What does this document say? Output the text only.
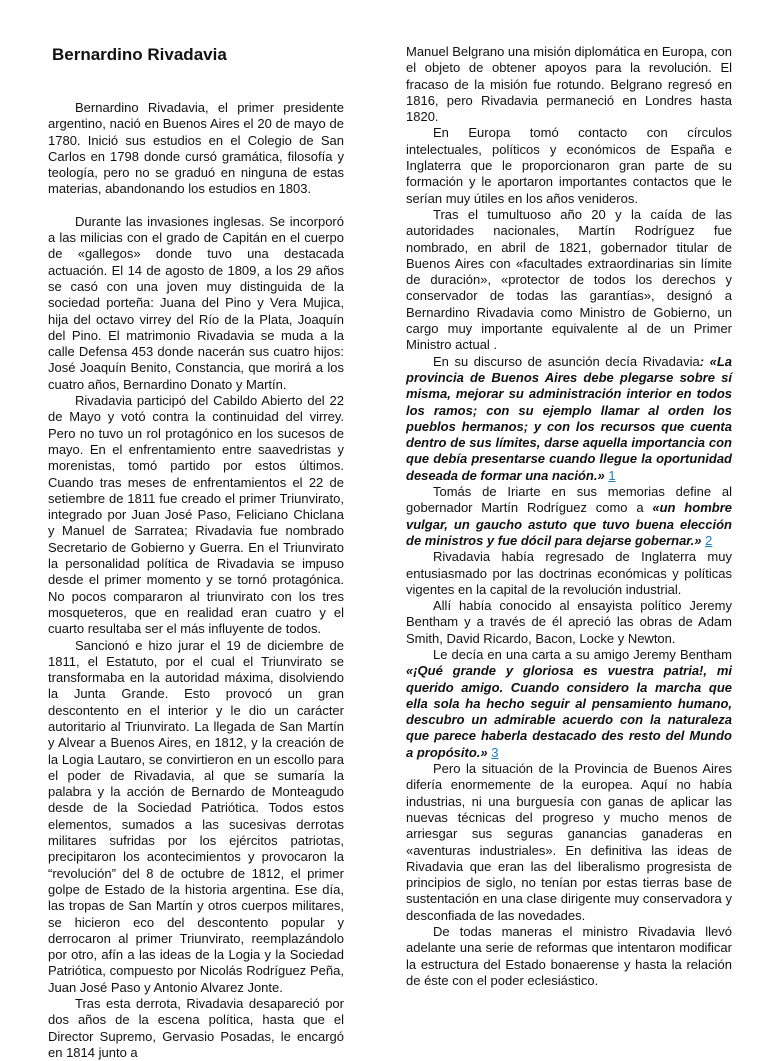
Bernardino Rivadavia

Bernardino Rivadavia, el primer presidente argentino, nació en Buenos Aires el 20 de mayo de 1780. Inició sus estudios en el Colegio de San Carlos en 1798 donde cursó gramática, filosofía y teología, pero no se graduó en ninguna de estas materias, abandonando los estudios en 1803.

Durante las invasiones inglesas. Se incorporó a las milicias con el grado de Capitán en el cuerpo de «gallegos» donde tuvo una destacada actuación. El 14 de agosto de 1809, a los 29 años se casó con una joven muy distinguida de la sociedad porteña: Juana del Pino y Vera Mujica, hija del octavo virrey del Río de la Plata, Joaquín del Pino. El matrimonio Rivadavia se muda a la calle Defensa 453 donde nacerán sus cuatro hijos: José Joaquín Benito, Constancia, que morirá a los cuatro años, Bernardino Donato y Martín.

Rivadavia participó del Cabildo Abierto del 22 de Mayo y votó contra la continuidad del virrey. Pero no tuvo un rol protagónico en los sucesos de mayo. En el enfrentamiento entre saavedristas y morenistas, tomó partido por estos últimos. Cuando tras meses de enfrentamientos el 22 de setiembre de 1811 fue creado el primer Triunvirato, integrado por Juan José Paso, Feliciano Chiclana y Manuel de Sarratea; Rivadavia fue nombrado Secretario de Gobierno y Guerra. En el Triunvirato la personalidad política de Rivadavia se impuso desde el primer momento y se tornó protagónica. No pocos compararon al triunvirato con los tres mosqueteros, que en realidad eran cuatro y el cuarto resultaba ser el más influyente de todos.

Sancionó e hizo jurar el 19 de diciembre de 1811, el Estatuto, por el cual el Triunvirato se transformaba en la autoridad máxima, disolviendo la Junta Grande. Esto provocó un gran descontento en el interior y le dio un carácter autoritario al Triunvirato. La llegada de San Martín y Alvear a Buenos Aires, en 1812, y la creación de la Logia Lautaro, se convirtieron en un escollo para el poder de Rivadavia, al que se sumaría la palabra y la acción de Bernardo de Monteagudo desde de la Sociedad Patriótica. Todos estos elementos, sumados a las sucesivas derrotas militares sufridas por los ejércitos patriotas, precipitaron los acontecimientos y provocaron la “revolución” del 8 de octubre de 1812, el primer golpe de Estado de la historia argentina. Ese día, las tropas de San Martín y otros cuerpos militares, se hicieron eco del descontento popular y derrocaron al primer Triunvirato, reemplazándolo por otro, afín a las ideas de la Logia y la Sociedad Patriótica, compuesto por Nicolás Rodríguez Peña, Juan José Paso y Antonio Alvarez Jonte.

Tras esta derrota, Rivadavia desapareció por dos años de la escena política, hasta que el Director Supremo, Gervasio Posadas, le encargó en 1814 junto a

Manuel Belgrano una misión diplomática en Europa, con el objeto de obtener apoyos para la revolución. El fracaso de la misión fue rotundo. Belgrano regresó en 1816, pero Rivadavia permaneció en Londres hasta 1820.

En Europa tomó contacto con círculos intelectuales, políticos y económicos de España e Inglaterra que le proporcionaron gran parte de su formación y le aportaron importantes contactos que le serían muy útiles en los años venideros.

Tras el tumultuoso año 20 y la caída de las autoridades nacionales, Martín Rodríguez fue nombrado, en abril de 1821, gobernador titular de Buenos Aires con «facultades extraordinarias sin límite de duración», «protector de todos los derechos y conservador de todas las garantías», designó a Bernardino Rivadavia como Ministro de Gobierno, un cargo muy importante equivalente al de un Primer Ministro actual .

En su discurso de asunción decía Rivadavia: «La provincia de Buenos Aires debe plegarse sobre sí misma, mejorar su administración interior en todos los ramos; con su ejemplo llamar al orden los pueblos hermanos; y con los recursos que cuenta dentro de sus límites, darse aquella importancia con que debía presentarse cuando llegue la oportunidad deseada de formar una nación.» 1

Tomás de Iriarte en sus memorias define al gobernador Martín Rodríguez como a «un hombre vulgar, un gaucho astuto que tuvo buena elección de ministros y fue dócil para dejarse gobernar.» 2

Rivadavia había regresado de Inglaterra muy entusiasmado por las doctrinas económicas y políticas vigentes en la capital de la revolución industrial.

Allí había conocido al ensayista político Jeremy Bentham y a través de él apreció las obras de Adam Smith, David Ricardo, Bacon, Locke y Newton.

Le decía en una carta a su amigo Jeremy Bentham «¡Qué grande y gloriosa es vuestra patria!, mi querido amigo. Cuando considero la marcha que ella sola ha hecho seguir al pensamiento humano, descubro un admirable acuerdo con la naturaleza que parece haberla destacado des resto del Mundo a propósito.» 3

Pero la situación de la Provincia de Buenos Aires difería enormemente de la europea. Aquí no había industrias, ni una burguesía con ganas de aplicar las nuevas técnicas del progreso y mucho menos de arriesgar sus seguras ganancias ganaderas en «aventuras industriales». En definitiva las ideas de Rivadavia que eran las del liberalismo progresista de principios de siglo, no tenían por estas tierras base de sustentación en una clase dirigente muy conservadora y desconfiada de las novedades.

De todas maneras el ministro Rivadavia llevó adelante una serie de reformas que intentaron modificar la estructura del Estado bonaerense y hasta la relación de éste con el poder eclesiástico.
